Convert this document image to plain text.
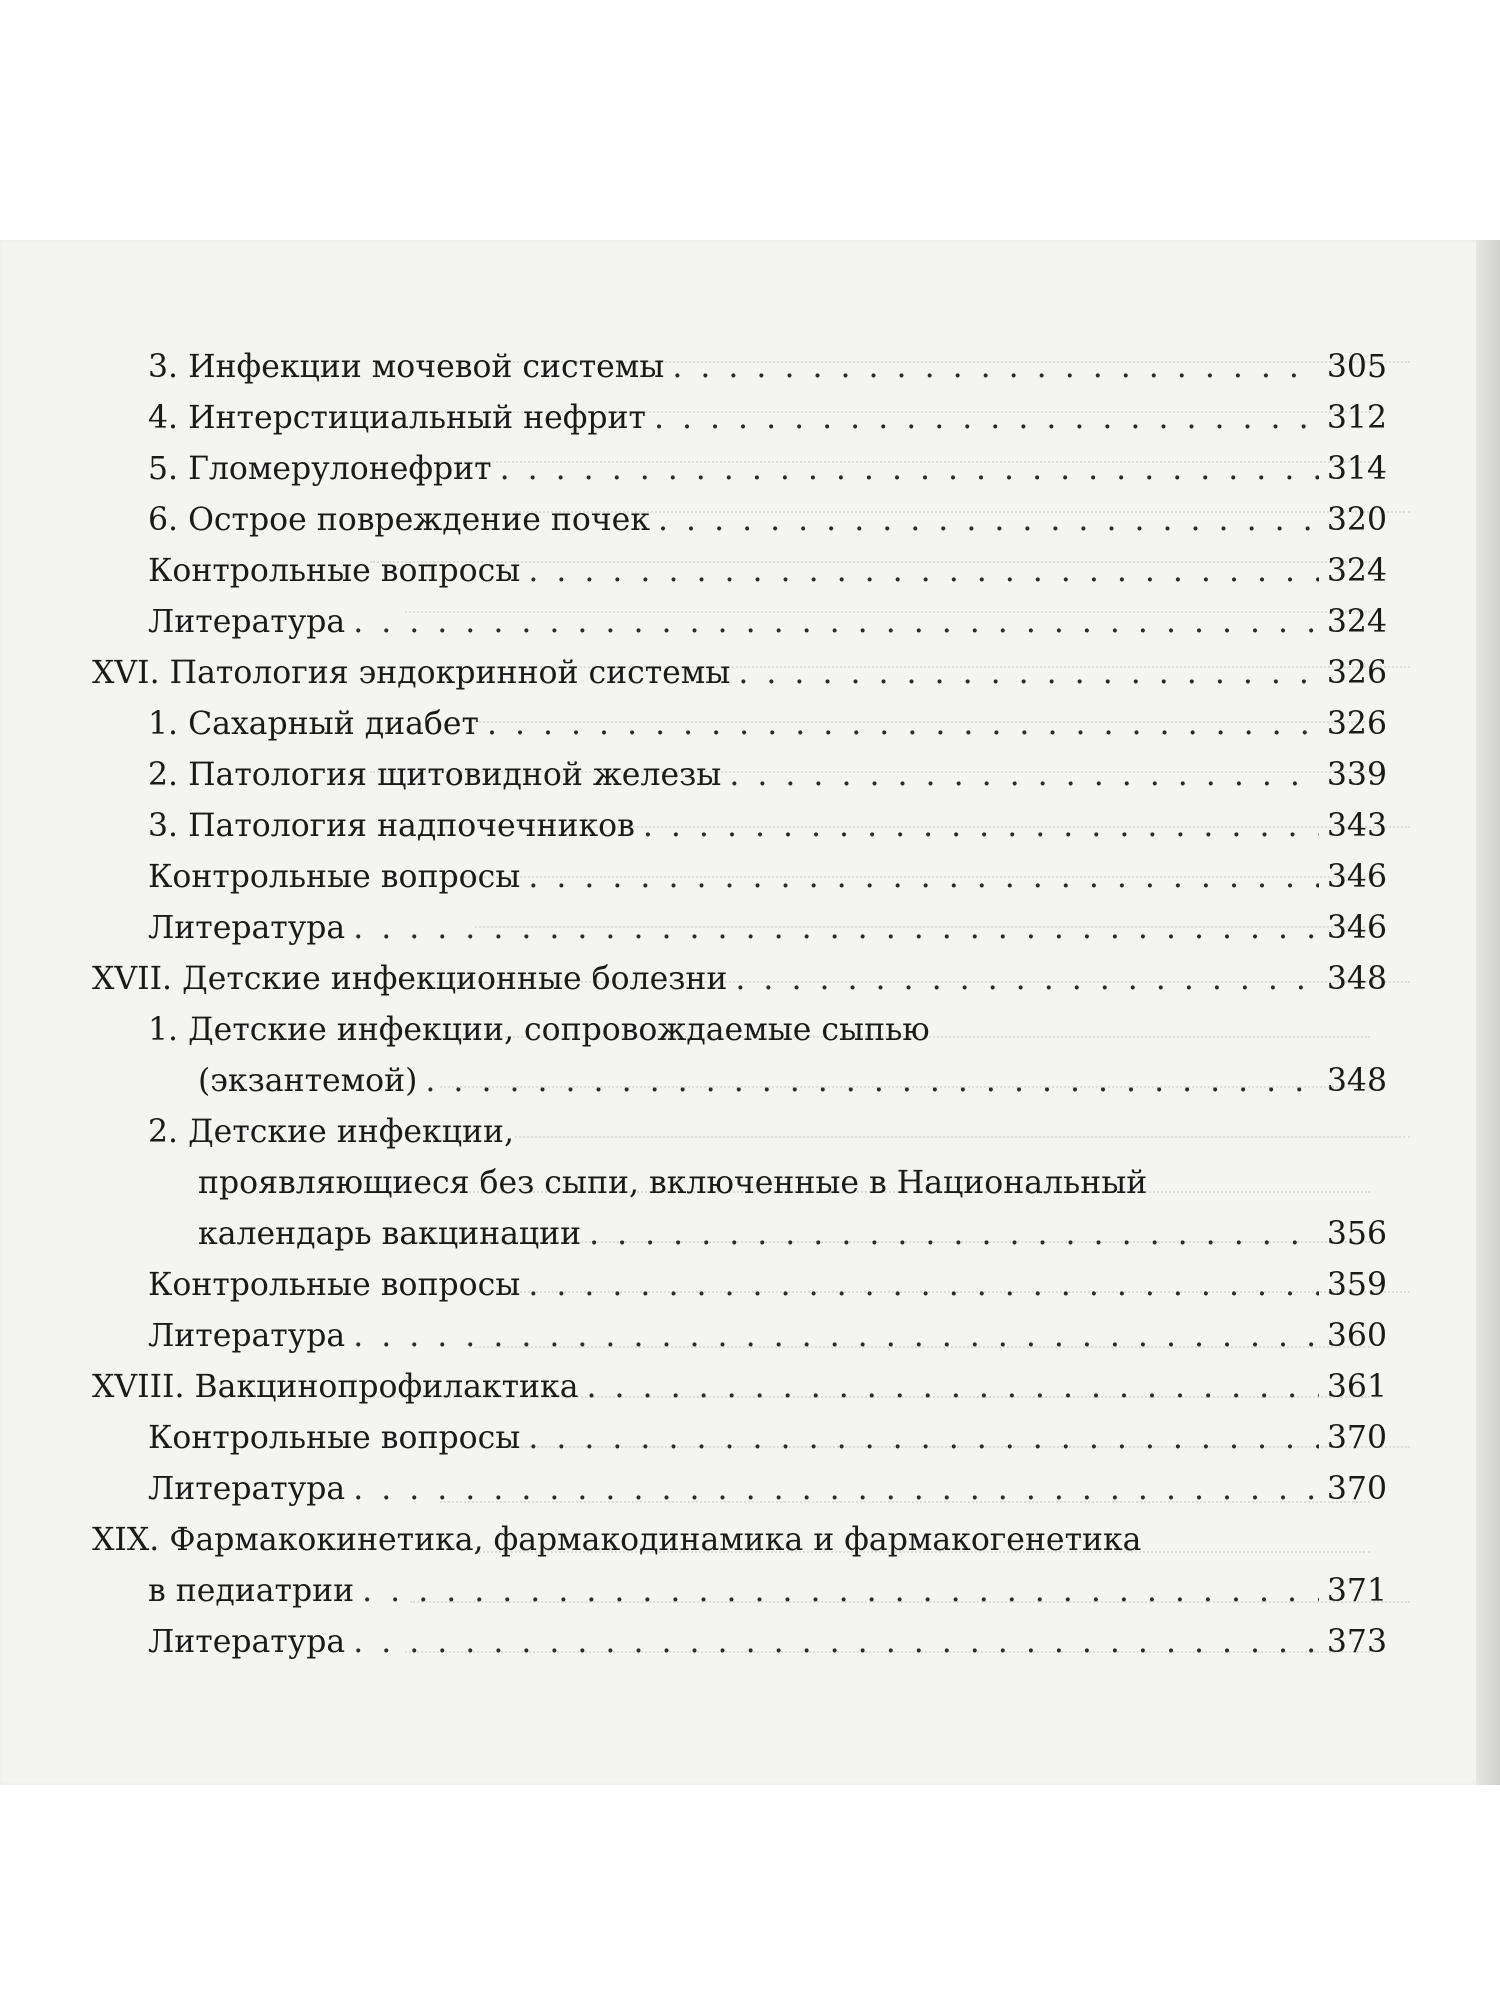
3. Инфекции мочевой системы . . .	305
4. Интерстициальный нефрит . . .	312
5. Гломерулонефрит . . .	314
6. Острое повреждение почек . . .	320
Контрольные вопросы . . .	324
Литература . . .	324
XVI. Патология эндокринной системы . . .	326
1. Сахарный диабет . . .	326
2. Патология щитовидной железы . . .	339
3. Патология надпочечников . . .	343
Контрольные вопросы . . .	346
Литература . . .	346
XVII. Детские инфекционные болезни . . .	348
1. Детские инфекции, сопровождаемые сыпью
(экзантемой) . . .	348
2. Детские инфекции,
проявляющиеся без сыпи, включенные в Национальный
календарь вакцинации . . .	356
Контрольные вопросы . . .	359
Литература . . .	360
XVIII. Вакцинопрофилактика . . .	361
Контрольные вопросы . . .	370
Литература . . .	370
XIX. Фармакокинетика, фармакодинамика и фармакогенетика
в педиатрии . . .	371
Литература . . .	373
